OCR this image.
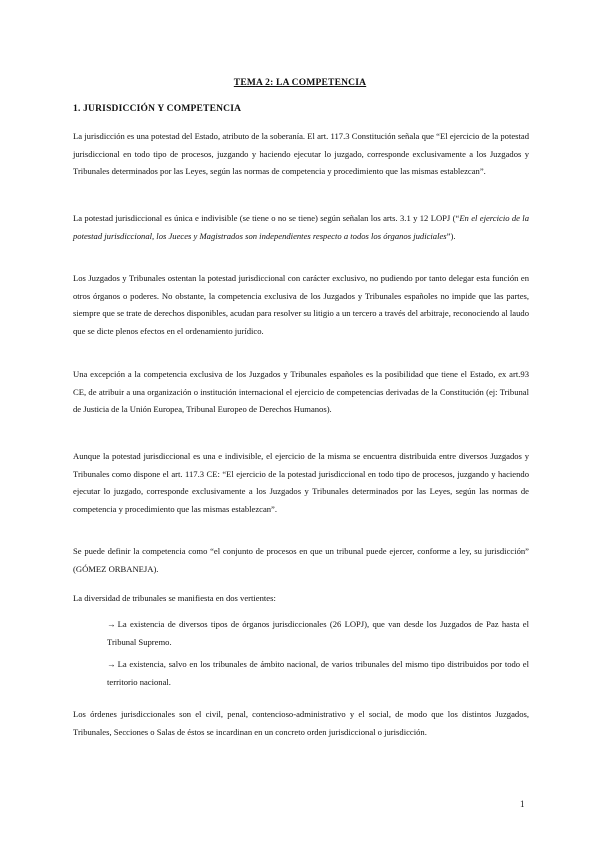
TEMA 2: LA COMPETENCIA
1. JURISDICCIÓN Y COMPETENCIA
La jurisdicción es una potestad del Estado, atributo de la soberanía. El art. 117.3 Constitución señala que “El ejercicio de la potestad jurisdiccional en todo tipo de procesos, juzgando y haciendo ejecutar lo juzgado, corresponde exclusivamente a los Juzgados y Tribunales determinados por las Leyes, según las normas de competencia y procedimiento que las mismas establezcan”.
La potestad jurisdiccional es única e indivisible (se tiene o no se tiene) según señalan los arts. 3.1 y 12 LOPJ (“En el ejercicio de la potestad jurisdiccional, los Jueces y Magistrados son independientes respecto a todos los órganos judiciales”).
Los Juzgados y Tribunales ostentan la potestad jurisdiccional con carácter exclusivo, no pudiendo por tanto delegar esta función en otros órganos o poderes. No obstante, la competencia exclusiva de los Juzgados y Tribunales españoles no impide que las partes, siempre que se trate de derechos disponibles, acudan para resolver su litigio a un tercero a través del arbitraje, reconociendo al laudo que se dicte plenos efectos en el ordenamiento jurídico.
Una excepción a la competencia exclusiva de los Juzgados y Tribunales españoles es la posibilidad que tiene el Estado, ex art.93 CE, de atribuir a una organización o institución internacional el ejercicio de competencias derivadas de la Constitución (ej: Tribunal de Justicia de la Unión Europea, Tribunal Europeo de Derechos Humanos).
Aunque la potestad jurisdiccional es una e indivisible, el ejercicio de la misma se encuentra distribuida entre diversos Juzgados y Tribunales como dispone el art. 117.3 CE: “El ejercicio de la potestad jurisdiccional en todo tipo de procesos, juzgando y haciendo ejecutar lo juzgado, corresponde exclusivamente a los Juzgados y Tribunales determinados por las Leyes, según las normas de competencia y procedimiento que las mismas establezcan”.
Se puede definir la competencia como “el conjunto de procesos en que un tribunal puede ejercer, conforme a ley, su jurisdicción” (GÓMEZ ORBANEJA).
La diversidad de tribunales se manifiesta en dos vertientes:
→ La existencia de diversos tipos de órganos jurisdiccionales (26 LOPJ), que van desde los Juzgados de Paz hasta el Tribunal Supremo.
→ La existencia, salvo en los tribunales de ámbito nacional, de varios tribunales del mismo tipo distribuidos por todo el territorio nacional.
Los órdenes jurisdiccionales son el civil, penal, contencioso-administrativo y el social, de modo que los distintos Juzgados, Tribunales, Secciones o Salas de éstos se incardinan en un concreto orden jurisdiccional o jurisdicción.
1
